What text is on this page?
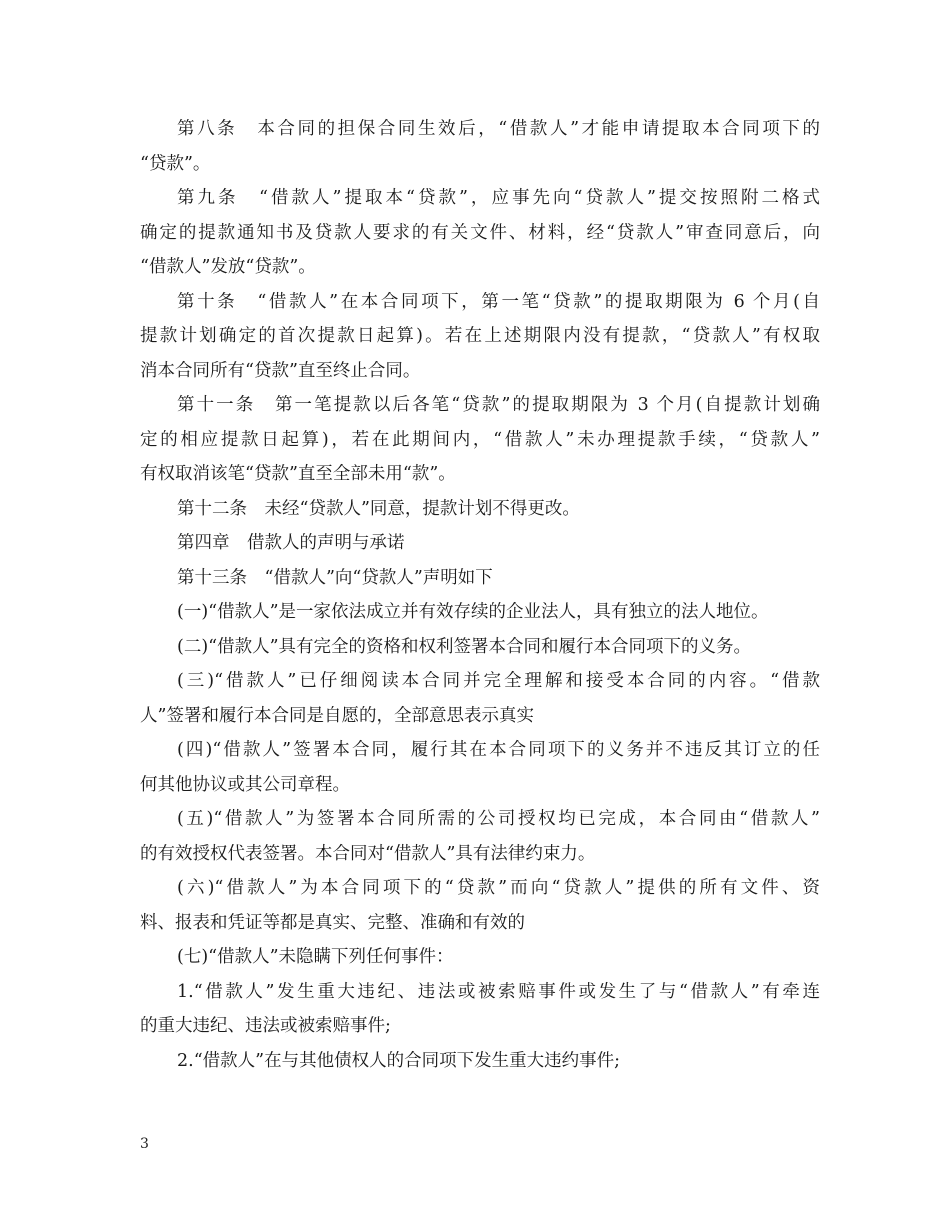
第八条　本合同的担保合同生效后，“借款人”才能申请提取本合同项下的
“贷款”。

第九条　“借款人”提取本“贷款”，应事先向“贷款人”提交按照附二格式
确定的提款通知书及贷款人要求的有关文件、材料，经“贷款人”审查同意后，向
“借款人”发放“贷款”。

第十条　“借款人”在本合同项下，第一笔“贷款”的提取期限为 6 个月(自
提款计划确定的首次提款日起算)。若在上述期限内没有提款，“贷款人”有权取
消本合同所有“贷款”直至终止合同。

第十一条　第一笔提款以后各笔“贷款”的提取期限为 3 个月(自提款计划确
定的相应提款日起算)，若在此期间内，“借款人”未办理提款手续，“贷款人”
有权取消该笔“贷款”直至全部未用“款”。

第十二条　未经“贷款人”同意，提款计划不得更改。

第四章　借款人的声明与承诺

第十三条　“借款人”向“贷款人”声明如下

(一)“借款人”是一家依法成立并有效存续的企业法人，具有独立的法人地位。

(二)“借款人”具有完全的资格和权利签署本合同和履行本合同项下的义务。

(三)“借款人”已仔细阅读本合同并完全理解和接受本合同的内容。“借款
人”签署和履行本合同是自愿的，全部意思表示真实

(四)“借款人”签署本合同，履行其在本合同项下的义务并不违反其订立的任
何其他协议或其公司章程。

(五)“借款人”为签署本合同所需的公司授权均已完成，本合同由“借款人”
的有效授权代表签署。本合同对“借款人”具有法律约束力。

(六)“借款人”为本合同项下的“贷款”而向“贷款人”提供的所有文件、资
料、报表和凭证等都是真实、完整、准确和有效的

(七)“借款人”未隐瞒下列任何事件：

1.“借款人”发生重大违纪、违法或被索赔事件或发生了与“借款人”有牵连
的重大违纪、违法或被索赔事件;

2.“借款人”在与其他债权人的合同项下发生重大违约事件;

3
